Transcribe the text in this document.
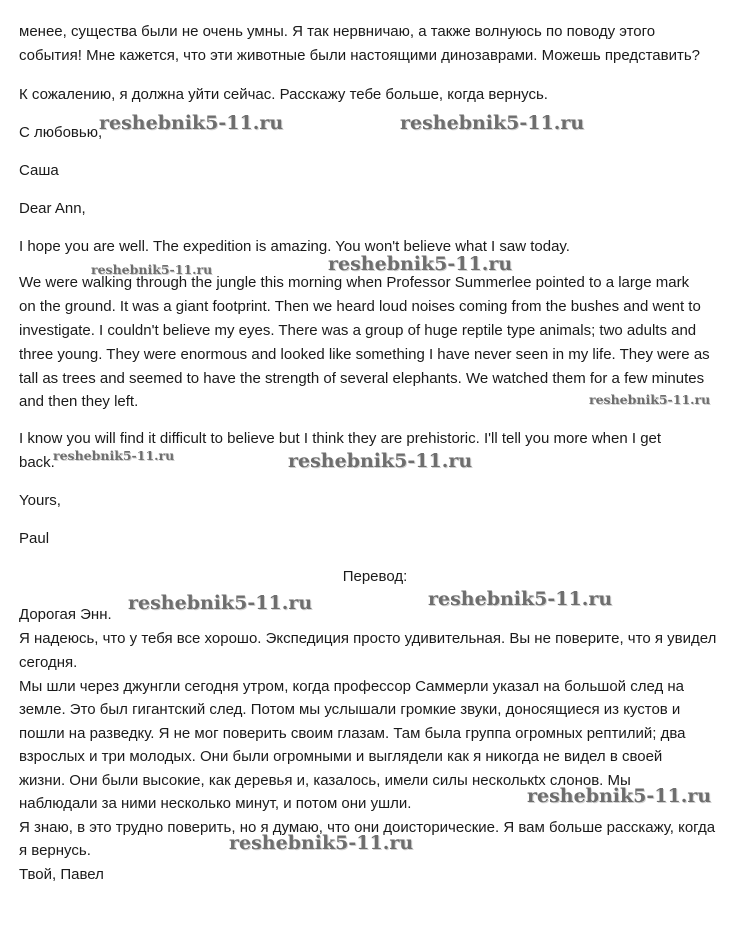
менее, существа были не очень умны. Я так нервничаю, а также волнуюсь по поводу этого
события! Мне кажется, что эти животные были настоящими динозаврами. Можешь представить?
К сожалению, я должна уйти сейчас. Расскажу тебе больше, когда вернусь.
С любовью,
Саша
Dear Ann,
I hope you are well. The expedition is amazing. You won't believe what I saw today.
We were walking through the jungle this morning when Professor Summerlee pointed to a large mark
on the ground. It was a giant footprint. Then we heard loud noises coming from the bushes and went to
investigate. I couldn't believe my eyes. There was a group of huge reptile type animals; two adults and
three young. They were enormous and looked like something I have never seen in my life. They were as
tall as trees and seemed to have the strength of several elephants. We watched them for a few minutes
and then they left.
I know you will find it difficult to believe but I think they are prehistoric. I'll tell you more when I get
back.
Yours,
Paul
Перевод:
Дорогая Энн.
Я надеюсь, что у тебя все хорошо. Экспедиция просто удивительная. Вы не поверите, что я увидел
сегодня.
Мы шли через джунгли сегодня утром, когда профессор Саммерли указал на большой след на
земле. Это был гигантский след. Потом мы услышали громкие звуки, доносящиеся из кустов и
пошли на разведку. Я не мог поверить своим глазам. Там была группа огромных рептилий; два
взрослых и три молодых. Они были огромными и выглядели как я никогда не видел в своей
жизни. Они были высокие, как деревья и, казалось, имели силы несколькtх слонов. Мы
наблюдали за ними несколько минут, и потом они ушли.
Я знаю, в это трудно поверить, но я думаю, что они доисторические. Я вам больше расскажу, когда
я вернусь.
Твой, Павел
reshebnik5-11.ru	reshebnik5-11.ru
reshebnik5-11.ru	reshebnik5-11.ru
reshebnik5-11.ru
reshebnik5-11.ru	reshebnik5-11.ru
reshebnik5-11.ru	reshebnik5-11.ru
reshebnik5-11.ru
reshebnik5-11.ru
